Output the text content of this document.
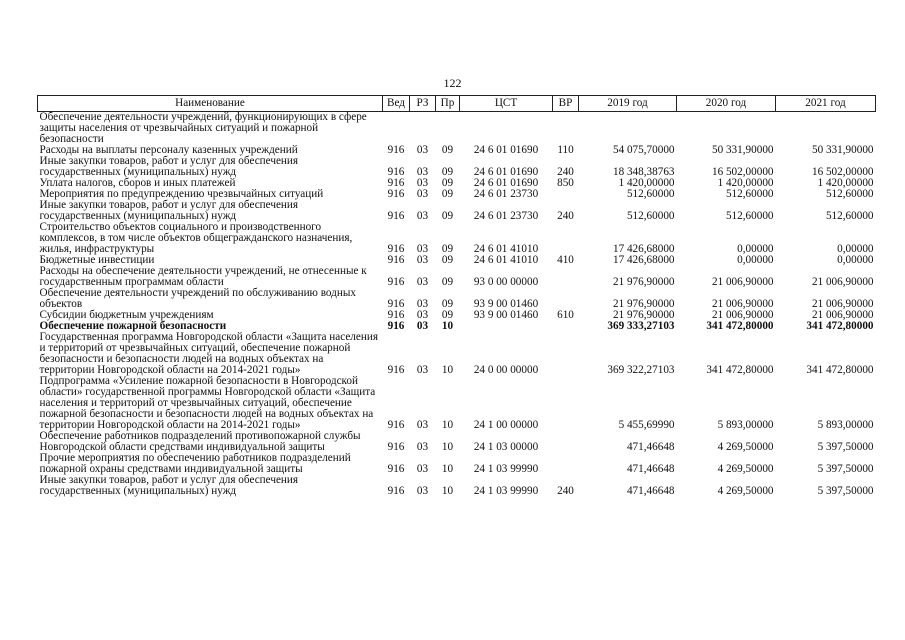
122
Наименование	Вед	РЗ	Пр	ЦСТ	ВР	2019 год	2020 год	2021 год
Обеспечение деятельности учреждений, функционирующих в сфере защиты населения от чрезвычайных ситуаций и пожарной безопасности								
Расходы на выплаты персоналу казенных учреждений	916	03	09	24 6 01 01690	110	54 075,70000	50 331,90000	50 331,90000
Иные закупки товаров, работ и услуг для обеспечения государственных (муниципальных) нужд	916	03	09	24 6 01 01690	240	18 348,38763	16 502,00000	16 502,00000
Уплата налогов, сборов и иных платежей	916	03	09	24 6 01 01690	850	1 420,00000	1 420,00000	1 420,00000
Мероприятия по предупреждению чрезвычайных ситуаций	916	03	09	24 6 01 23730		512,60000	512,60000	512,60000
Иные закупки товаров, работ и услуг для обеспечения государственных (муниципальных) нужд	916	03	09	24 6 01 23730	240	512,60000	512,60000	512,60000
Строительство объектов социального и производственного комплексов, в том числе объектов общегражданского назначения, жилья, инфраструктуры	916	03	09	24 6 01 41010		17 426,68000	0,00000	0,00000
Бюджетные инвестиции	916	03	09	24 6 01 41010	410	17 426,68000	0,00000	0,00000
Расходы на обеспечение деятельности учреждений, не отнесенные к государственным программам области	916	03	09	93 0 00 00000		21 976,90000	21 006,90000	21 006,90000
Обеспечение деятельности учреждений по обслуживанию водных объектов	916	03	09	93 9 00 01460		21 976,90000	21 006,90000	21 006,90000
Субсидии бюджетным учреждениям	916	03	09	93 9 00 01460	610	21 976,90000	21 006,90000	21 006,90000
Обеспечение пожарной безопасности	916	03	10			369 333,27103	341 472,80000	341 472,80000
Государственная программа Новгородской области «Защита населения и территорий от чрезвычайных ситуаций, обеспечение пожарной безопасности и безопасности людей на водных объектах на территории Новгородской области на 2014-2021 годы»	916	03	10	24 0 00 00000		369 322,27103	341 472,80000	341 472,80000
Подпрограмма «Усиление пожарной безопасности в Новгородской области» государственной программы Новгородской области «Защита населения и территорий от чрезвычайных ситуаций, обеспечение пожарной безопасности и безопасности людей на водных объектах на территории Новгородской области на 2014-2021 годы»	916	03	10	24 1 00 00000		5 455,69990	5 893,00000	5 893,00000
Обеспечение работников подразделений противопожарной службы Новгородской области средствами индивидуальной защиты	916	03	10	24 1 03 00000		471,46648	4 269,50000	5 397,50000
Прочие мероприятия по обеспечению работников подразделений пожарной охраны средствами индивидуальной защиты	916	03	10	24 1 03 99990		471,46648	4 269,50000	5 397,50000
Иные закупки товаров, работ и услуг для обеспечения государственных (муниципальных) нужд	916	03	10	24 1 03 99990	240	471,46648	4 269,50000	5 397,50000
